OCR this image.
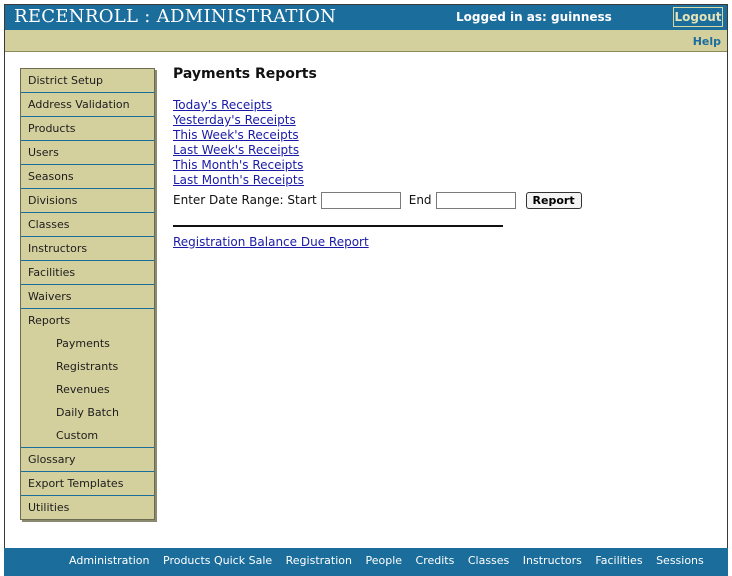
RECENROLL : ADMINISTRATION	Logged in as: guinness	Logout
Help
District Setup
Address Validation
Products
Users
Seasons
Divisions
Classes
Instructors
Facilities
Waivers
Reports
Payments
Registrants
Revenues
Daily Batch
Custom
Glossary
Export Templates
Utilities
Payments Reports
Today's Receipts
Yesterday's Receipts
This Week's Receipts
Last Week's Receipts
This Month's Receipts
Last Month's Receipts
Enter Date Range: Start	End	Report
Registration Balance Due Report
Administration Products Quick Sale Registration People Credits Classes Instructors Facilities Sessions
